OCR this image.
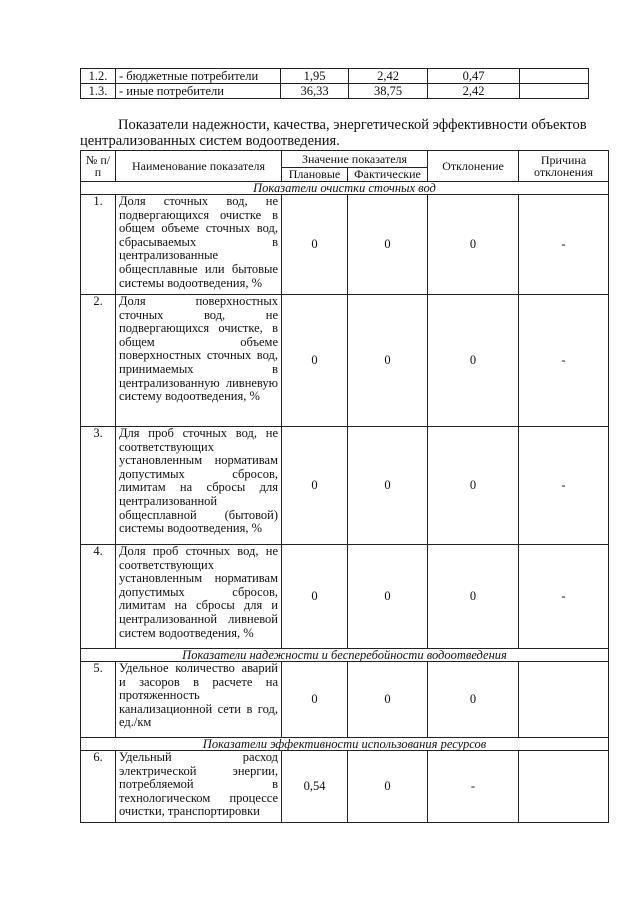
1.2.	- бюджетные потребители	1,95	2,42	0,47	
1.3.	- иные потребители	36,33	38,75	2,42	
Показатели надежности, качества, энергетической эффективности объектов
централизованных систем водоотведения.
№ п/п	Наименование показателя	Значение показателя		Отклонение	Причина отклонения
		Плановые	Фактические		
Показатели очистки сточных вод					
1.	Доля сточных вод, не подвергающихся очистке в общем объеме сточных вод, сбрасываемых в централизованные общесплавные или бытовые системы водоотведения, %	0	0	0	-
2.	Доля поверхностных сточных вод, не подвергающихся очистке, в общем объеме поверхностных сточных вод, принимаемых в централизованную ливневую систему водоотведения, %	0	0	0	-
3.	Для проб сточных вод, не соответствующих установленным нормативам допустимых сбросов, лимитам на сбросы для централизованной общесплавной (бытовой) системы водоотведения, %	0	0	0	-
4.	Доля проб сточных вод, не соответствующих установленным нормативам допустимых сбросов, лимитам на сбросы для и централизованной ливневой систем водоотведения, %	0	0	0	-
Показатели надежности и бесперебойности водоотведения					
5.	Удельное количество аварий и засоров в расчете на протяженность канализационной сети в год, ед./км	0	0	0	
Показатели эффективности использования ресурсов					
6.	Удельный расход электрической энергии, потребляемой в технологическом процессе очистки, транспортировки	0,54	0	-	
